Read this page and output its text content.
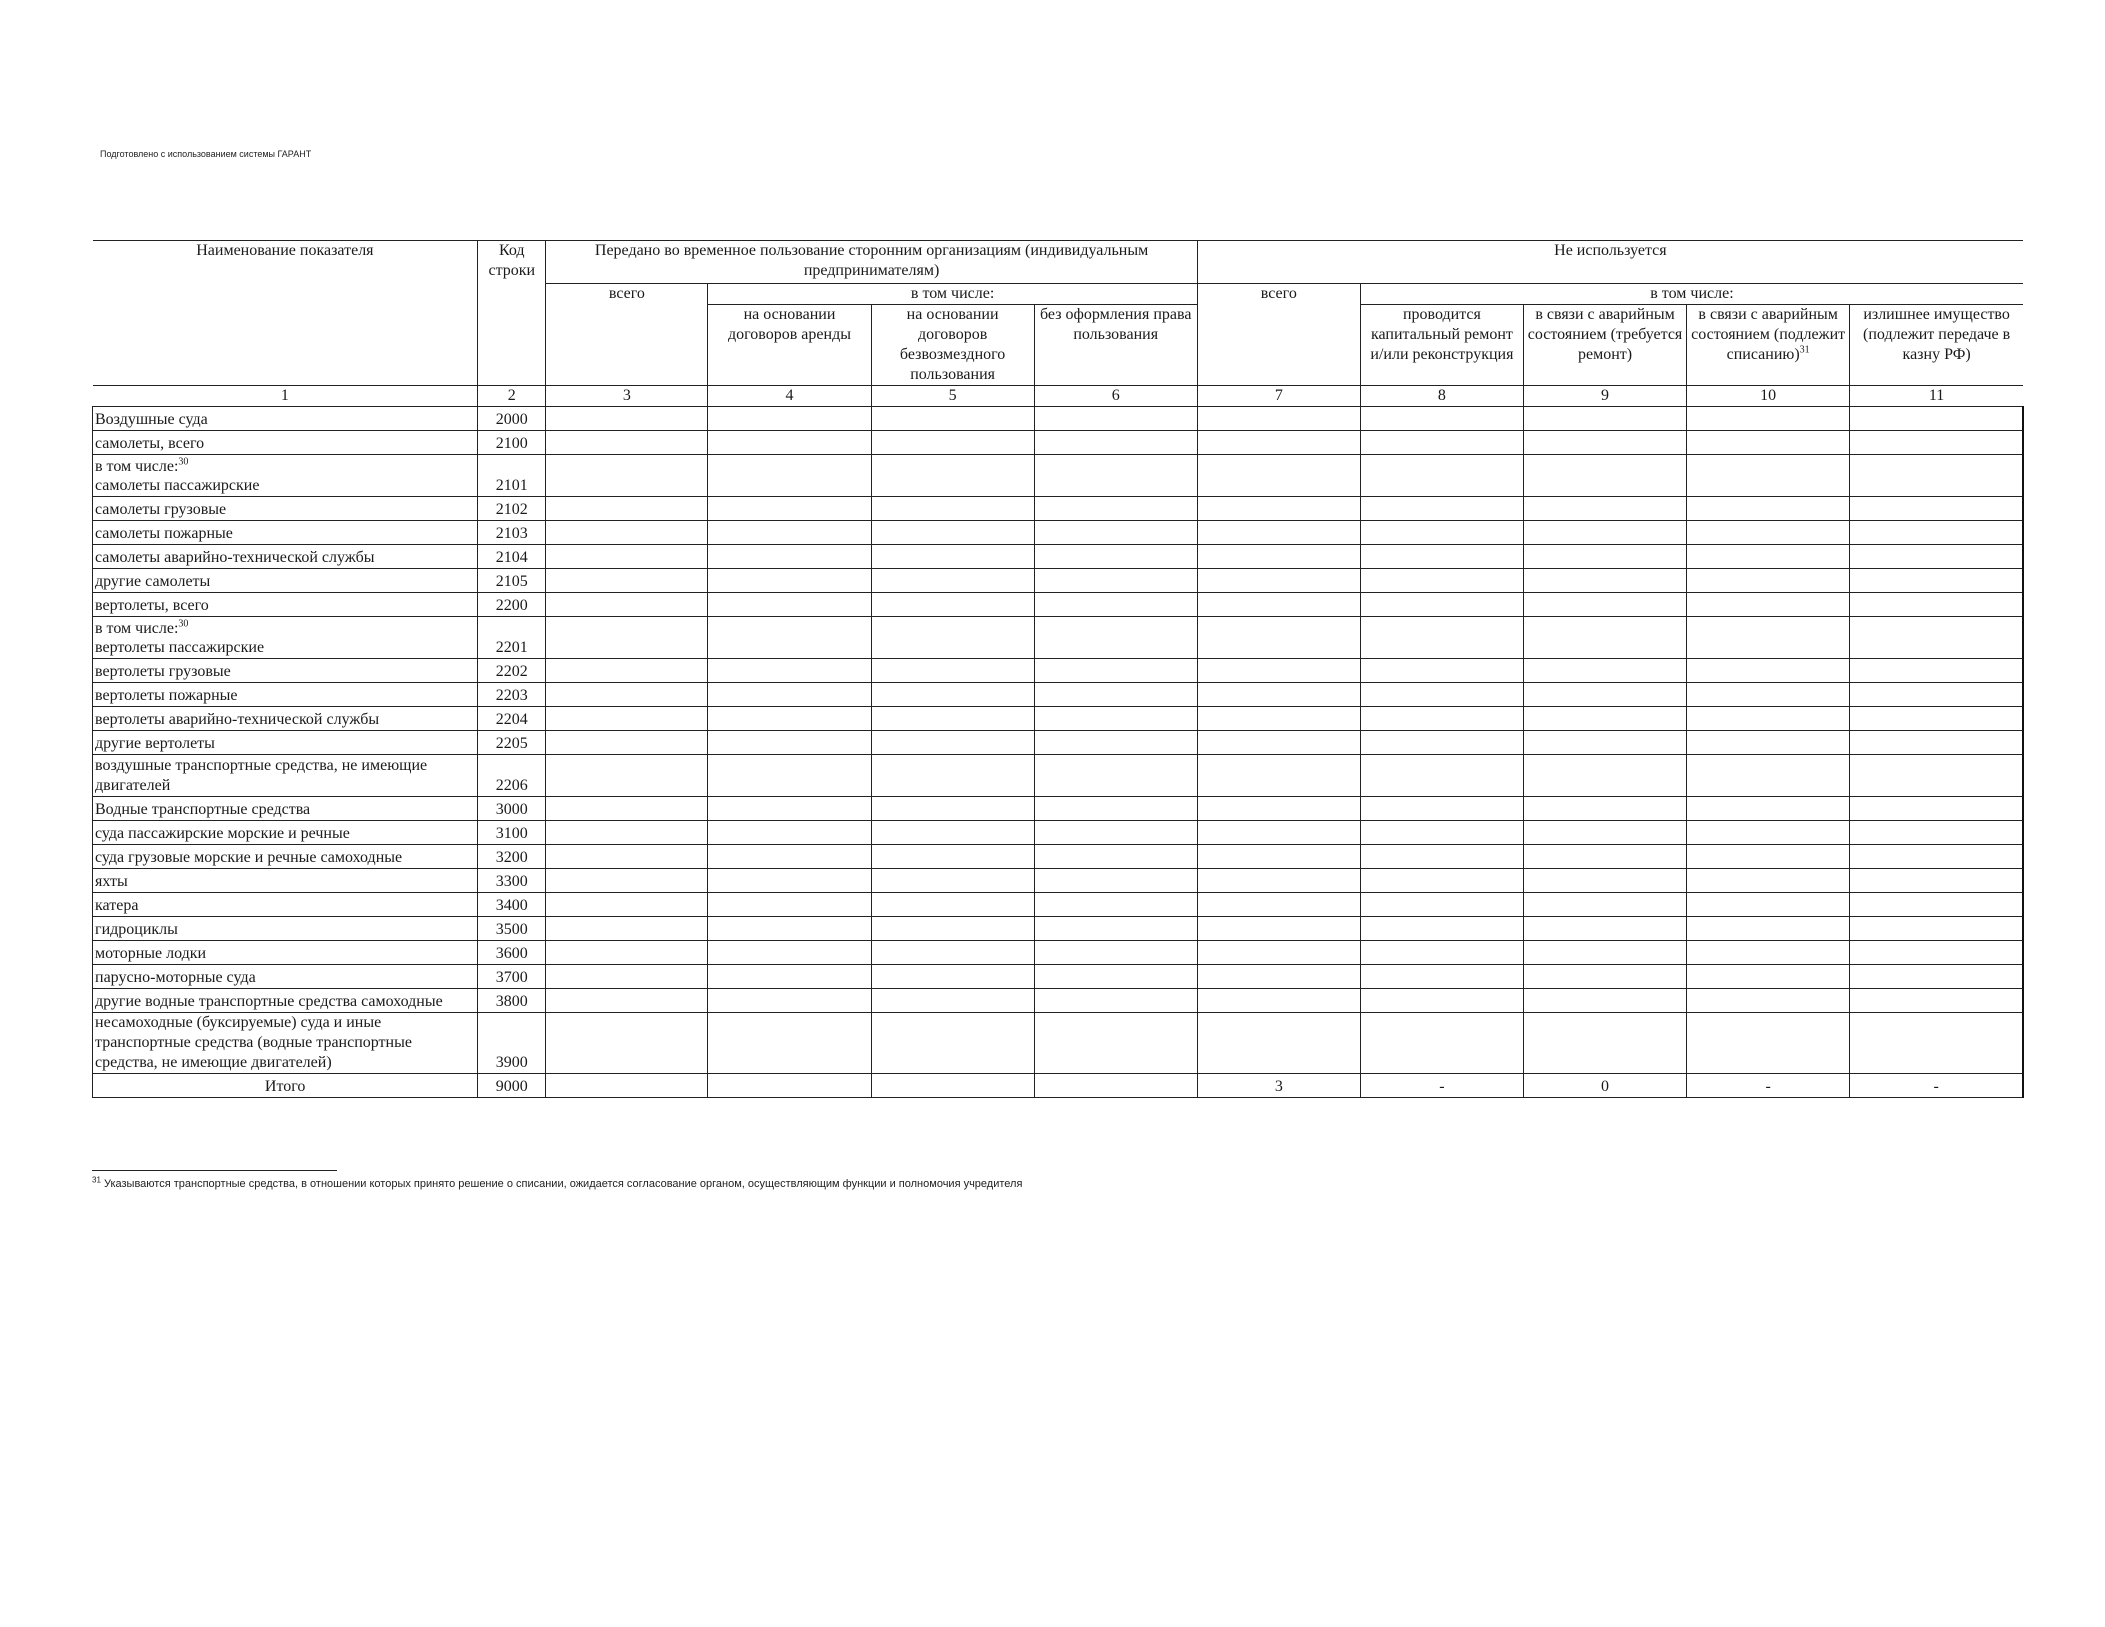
Подготовлено с использованием системы ГАРАНТ
Наименование показателя	Код строки	Передано во временное пользование сторонним организациям (индивидуальным предпринимателям)				Не используется				
		всего	в том числе:			всего	в том числе:			
			на основании договоров аренды	на основании договоров безвозмездного пользования	без оформления права пользования		проводится капитальный ремонт и/или реконструкция	в связи с аварийным состоянием (требуется ремонт)	в связи с аварийным состоянием (подлежит списанию)$^{31}$	излишнее имущество (подлежит передаче в казну РФ)
1	2	3	4	5	6	7	8	9	10	11
Воздушные суда	2000									
самолеты, всего	2100									

в том числе:$^{30}$
самолеты пассажирские	2101									
самолеты грузовые	2102									
самолеты пожарные	2103									
самолеты аварийно-технической службы	2104									
другие самолеты	2105									
вертолеты, всего	2200									

в том числе:$^{30}$
вертолеты пассажирские	2201									
вертолеты грузовые	2202									
вертолеты пожарные	2203									
вертолеты аварийно-технической службы	2204									
другие вертолеты	2205									

воздушные транспортные средства, не имеющие
двигателей	2206									
Водные транспортные средства	3000									
суда пассажирские морские и речные	3100									
суда грузовые морские и речные самоходные	3200									
яхты	3300									
катера	3400									
гидроциклы	3500									
моторные лодки	3600									
парусно-моторные суда	3700									
другие водные транспортные средства самоходные	3800									

несамоходные (буксируемые) суда и иные
транспортные средства (водные транспортные
средства, не имеющие двигателей)	3900									
Итого	9000					3	-	0	-	-
$^{31}$ Указываются транспортные средства, в отношении которых принято решение о списании, ожидается согласование органом, осуществляющим функции и полномочия учредителя
